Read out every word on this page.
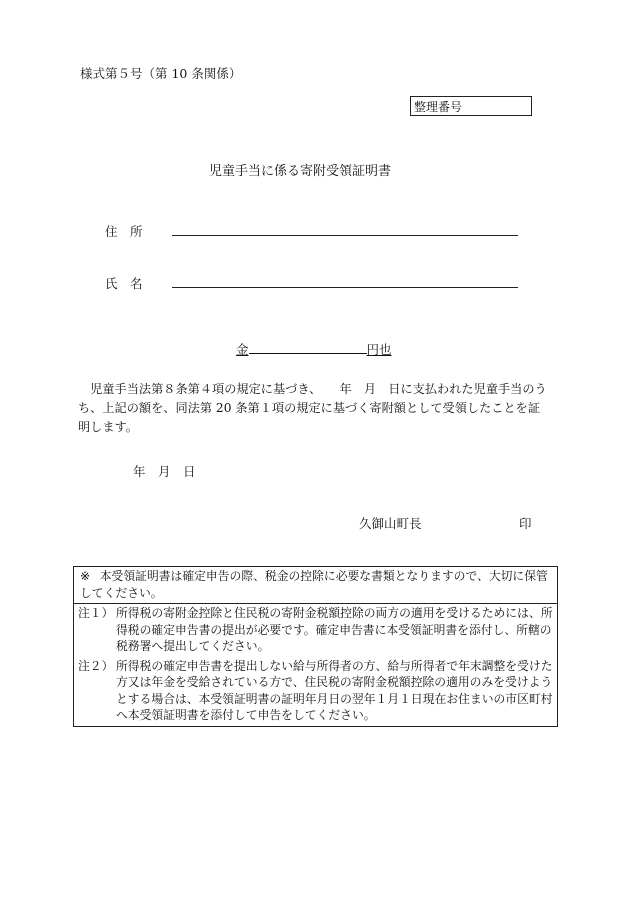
様式第５号（第 10 条関係）
整理番号
児童手当に係る寄附受領証明書
住　所
氏　名
金	円也
　児童手当法第８条第４項の規定に基づき、　　年　月　日に支払われた児童手当のうち、上記の額を、同法第 20 条第１項の規定に基づく寄附額として受領したことを証明します。
年　月　日
久御山町長	印
※ 本受領証明書は確定申告の際、税金の控除に必要な書類となりますので、大切に保管してください。
注１） 所得税の寄附金控除と住民税の寄附金税額控除の両方の適用を受けるためには、所得税の確定申告書の提出が必要です。確定申告書に本受領証明書を添付し、所轄の税務署へ提出してください。
注２） 所得税の確定申告書を提出しない給与所得者の方、給与所得者で年末調整を受けた方又は年金を受給されている方で、住民税の寄附金税額控除の適用のみを受けようとする場合は、本受領証明書の証明年月日の翌年１月１日現在お住まいの市区町村へ本受領証明書を添付して申告をしてください。
